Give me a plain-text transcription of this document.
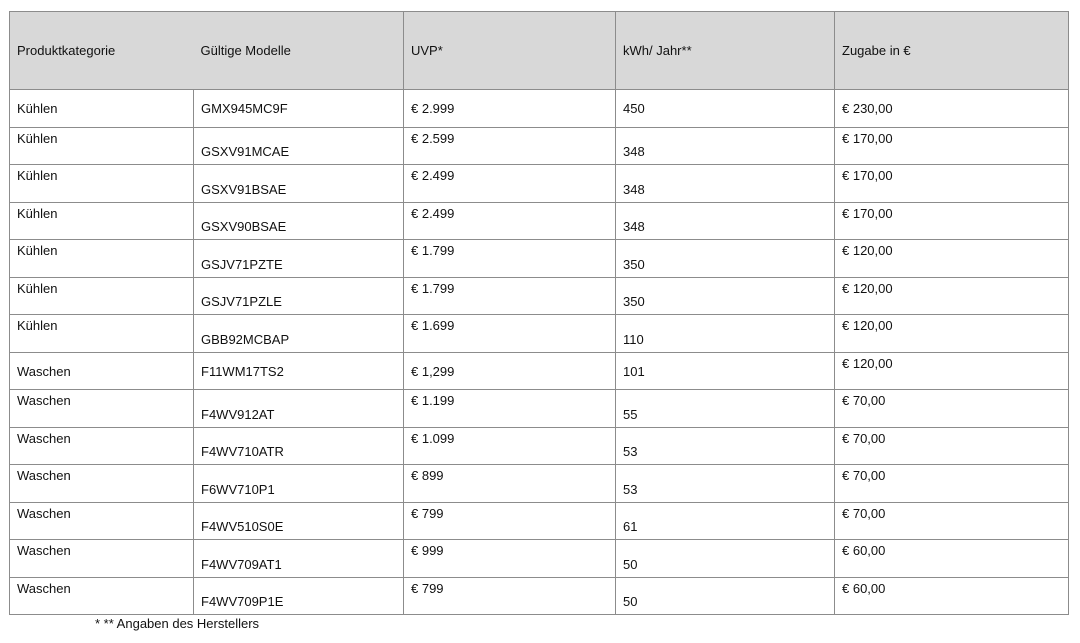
Produktkategorie	Gültige Modelle	UVP*	kWh/ Jahr**	Zugabe in €

Kühlen	GMX945MC9F	€ 2.999	450	€ 230,00

Kühlen	GSXV91MCAE	€ 2.599	348	€ 170,00

Kühlen	GSXV91BSAE	€ 2.499	348	€ 170,00

Kühlen	GSXV90BSAE	€ 2.499	348	€ 170,00

Kühlen	GSJV71PZTE	€ 1.799	350	€ 120,00

Kühlen	GSJV71PZLE	€ 1.799	350	€ 120,00

Kühlen	GBB92MCBAP	€ 1.699	110	€ 120,00

Waschen	F11WM17TS2	€ 1,299	101	€ 120,00

Waschen	F4WV912AT	€ 1.199	55	€ 70,00

Waschen	F4WV710ATR	€ 1.099	53	€ 70,00

Waschen	F6WV710P1	€ 899	53	€ 70,00

Waschen	F4WV510S0E	€ 799	61	€ 70,00

Waschen	F4WV709AT1	€ 999	50	€ 60,00

Waschen	F4WV709P1E	€ 799	50	€ 60,00
* ** Angaben des Herstellers
